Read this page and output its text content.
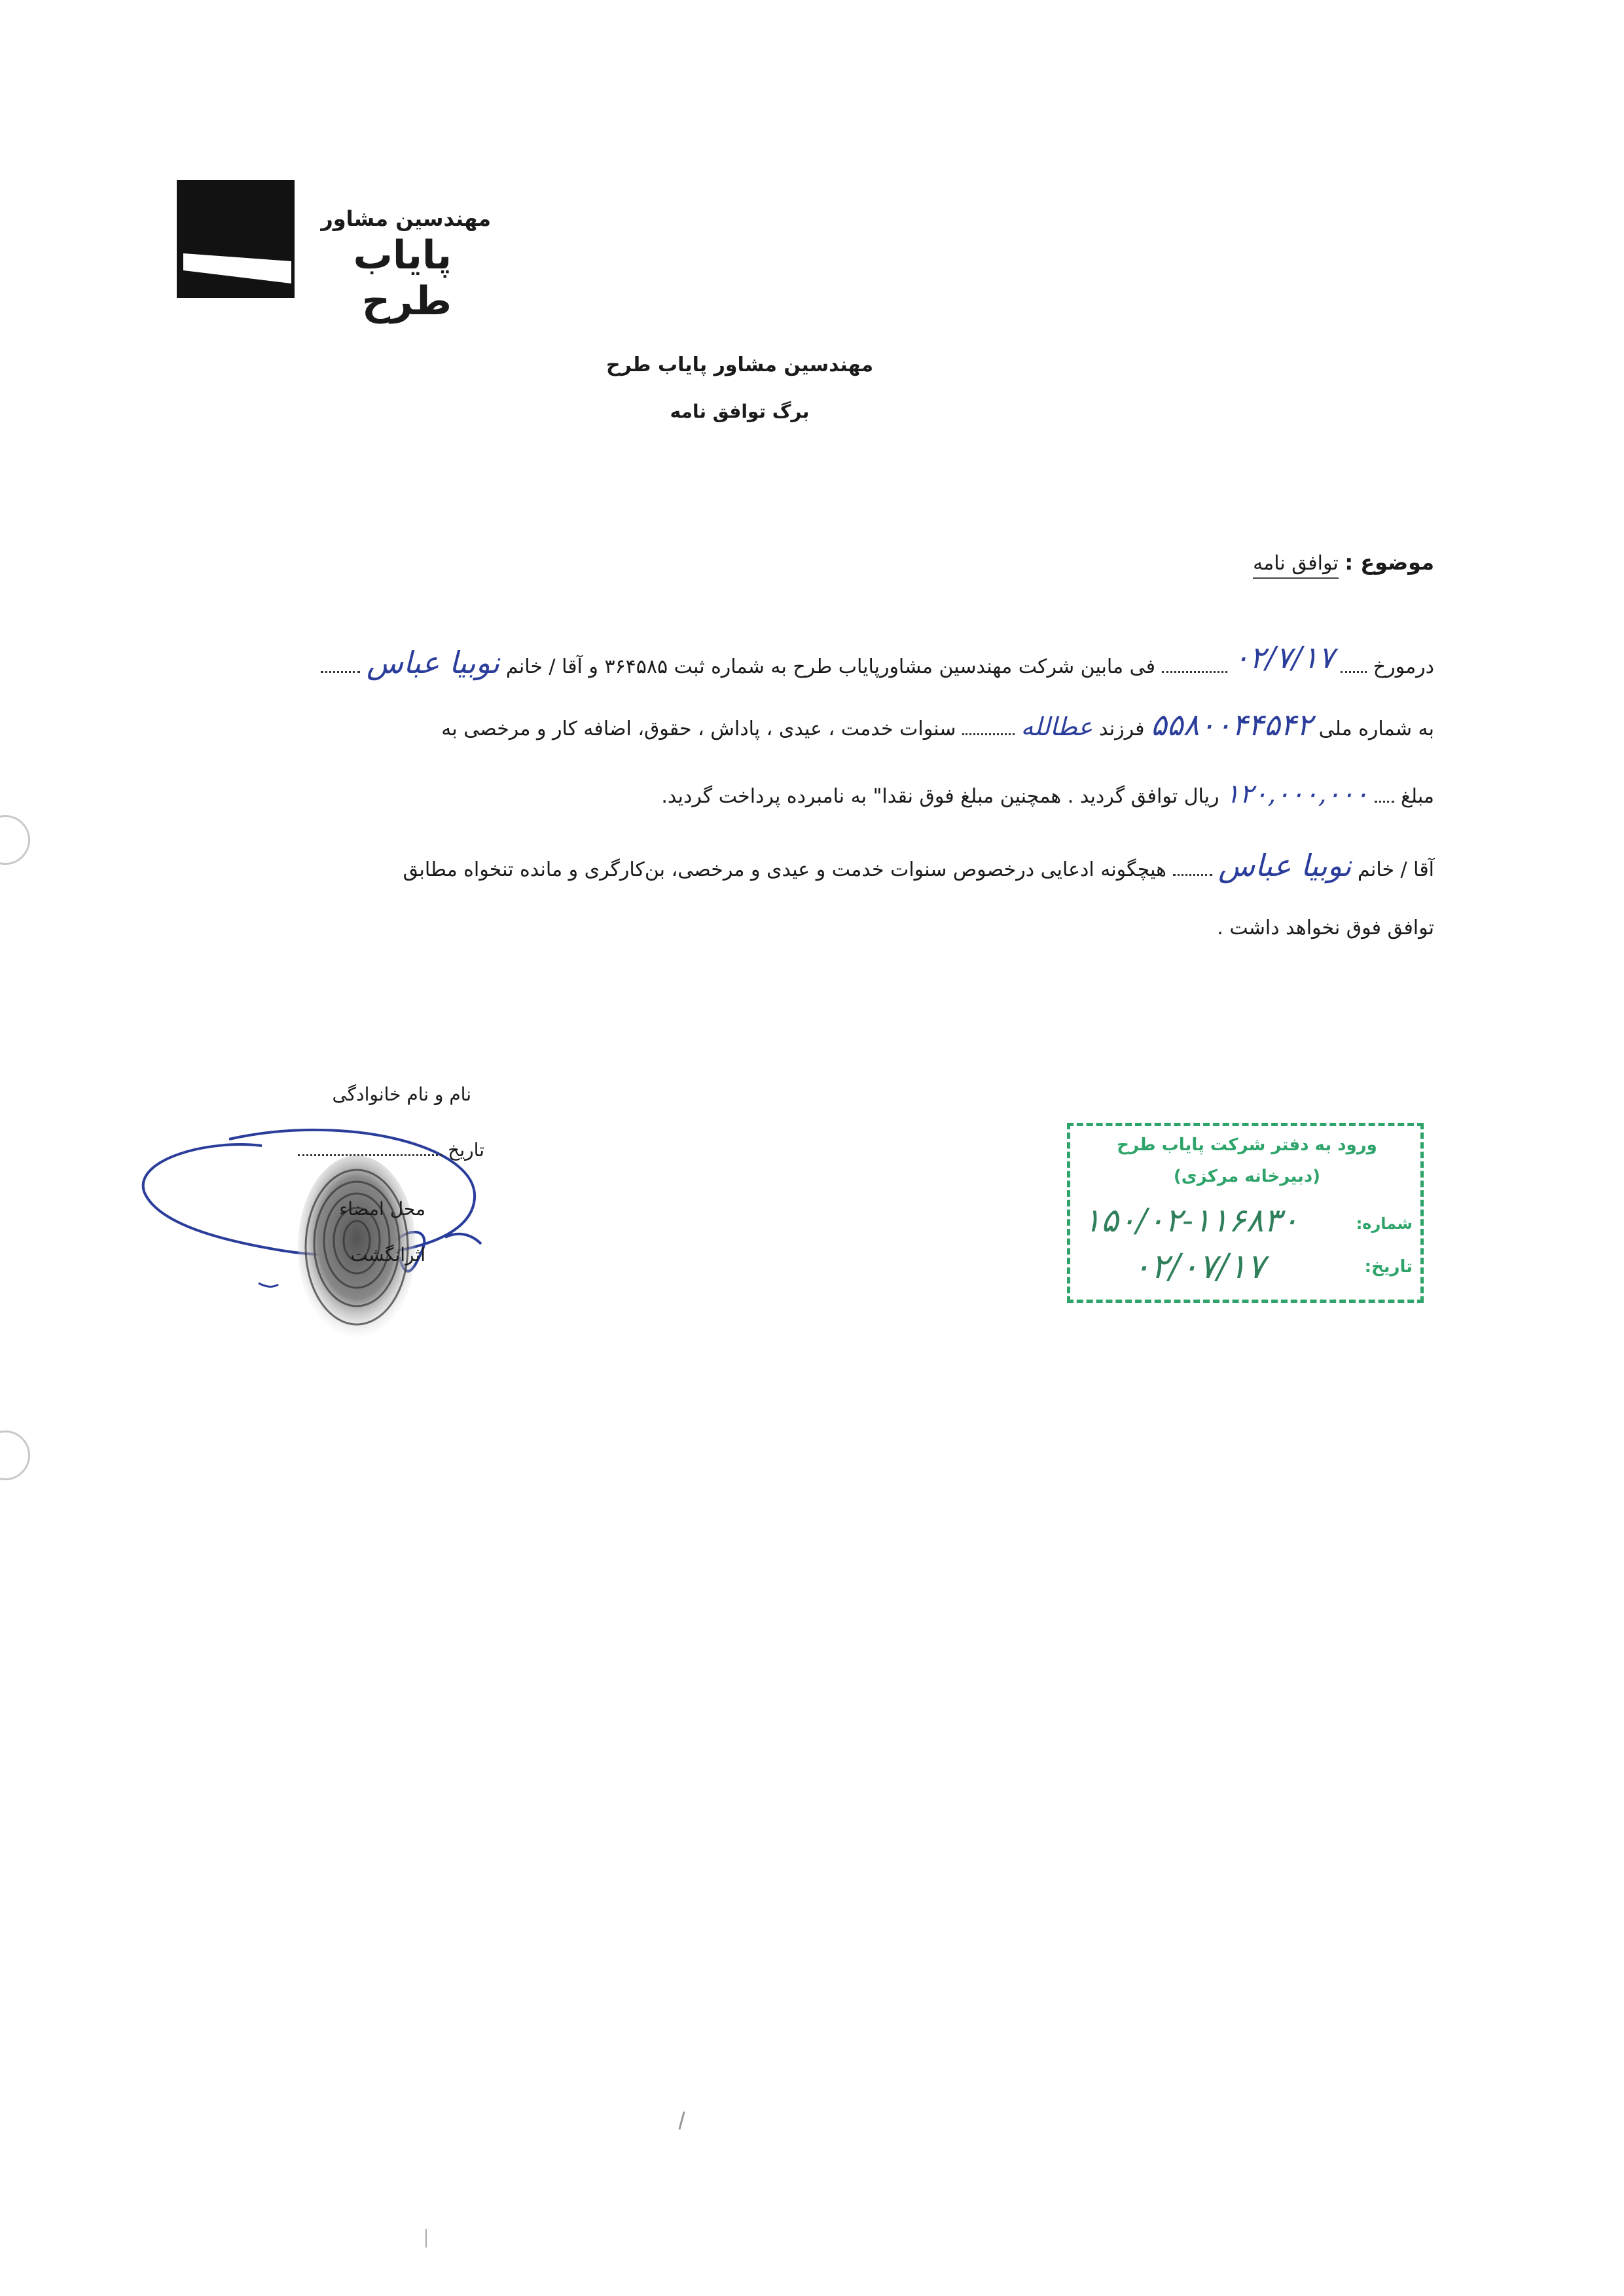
مهندسین مشاور
پایاب طرح
مهندسین مشاور پایاب طرح
برگ توافق نامه
موضوع : توافق نامه
درمورخ  ۰۲/۷/۱۷  فی مابین شرکت مهندسین مشاورپایاب طرح به شماره ثبت ۳۶۴۵۸۵ و آقا / خانم نوبیا عباس
به شماره ملی ۵۵۸۰۰۴۴۵۴۲ فرزند عطالله  سنوات خدمت ، عیدی ، پاداش ، حقوق، اضافه کار و مرخصی به
مبلغ  ۱۲۰,۰۰۰,۰۰۰ ریال توافق گردید . همچنین مبلغ فوق نقدا" به نامبرده پرداخت گردید.
آقا / خانم نوبیا عباس  هیچگونه ادعایی درخصوص سنوات خدمت و عیدی و مرخصی، بن‌کارگری و مانده تنخواه مطابق
توافق فوق نخواهد داشت .
نام و نام خانوادگی
تاریخ
محل امضاء
اثرانگشت
ورود به دفتر شرکت پایاب طرح
(دبیرخانه مرکزی)
شماره:
۱۵۰/۰۲-۱۱۶۸۳۰
تاریخ:
۰۲/۰۷/۱۷
